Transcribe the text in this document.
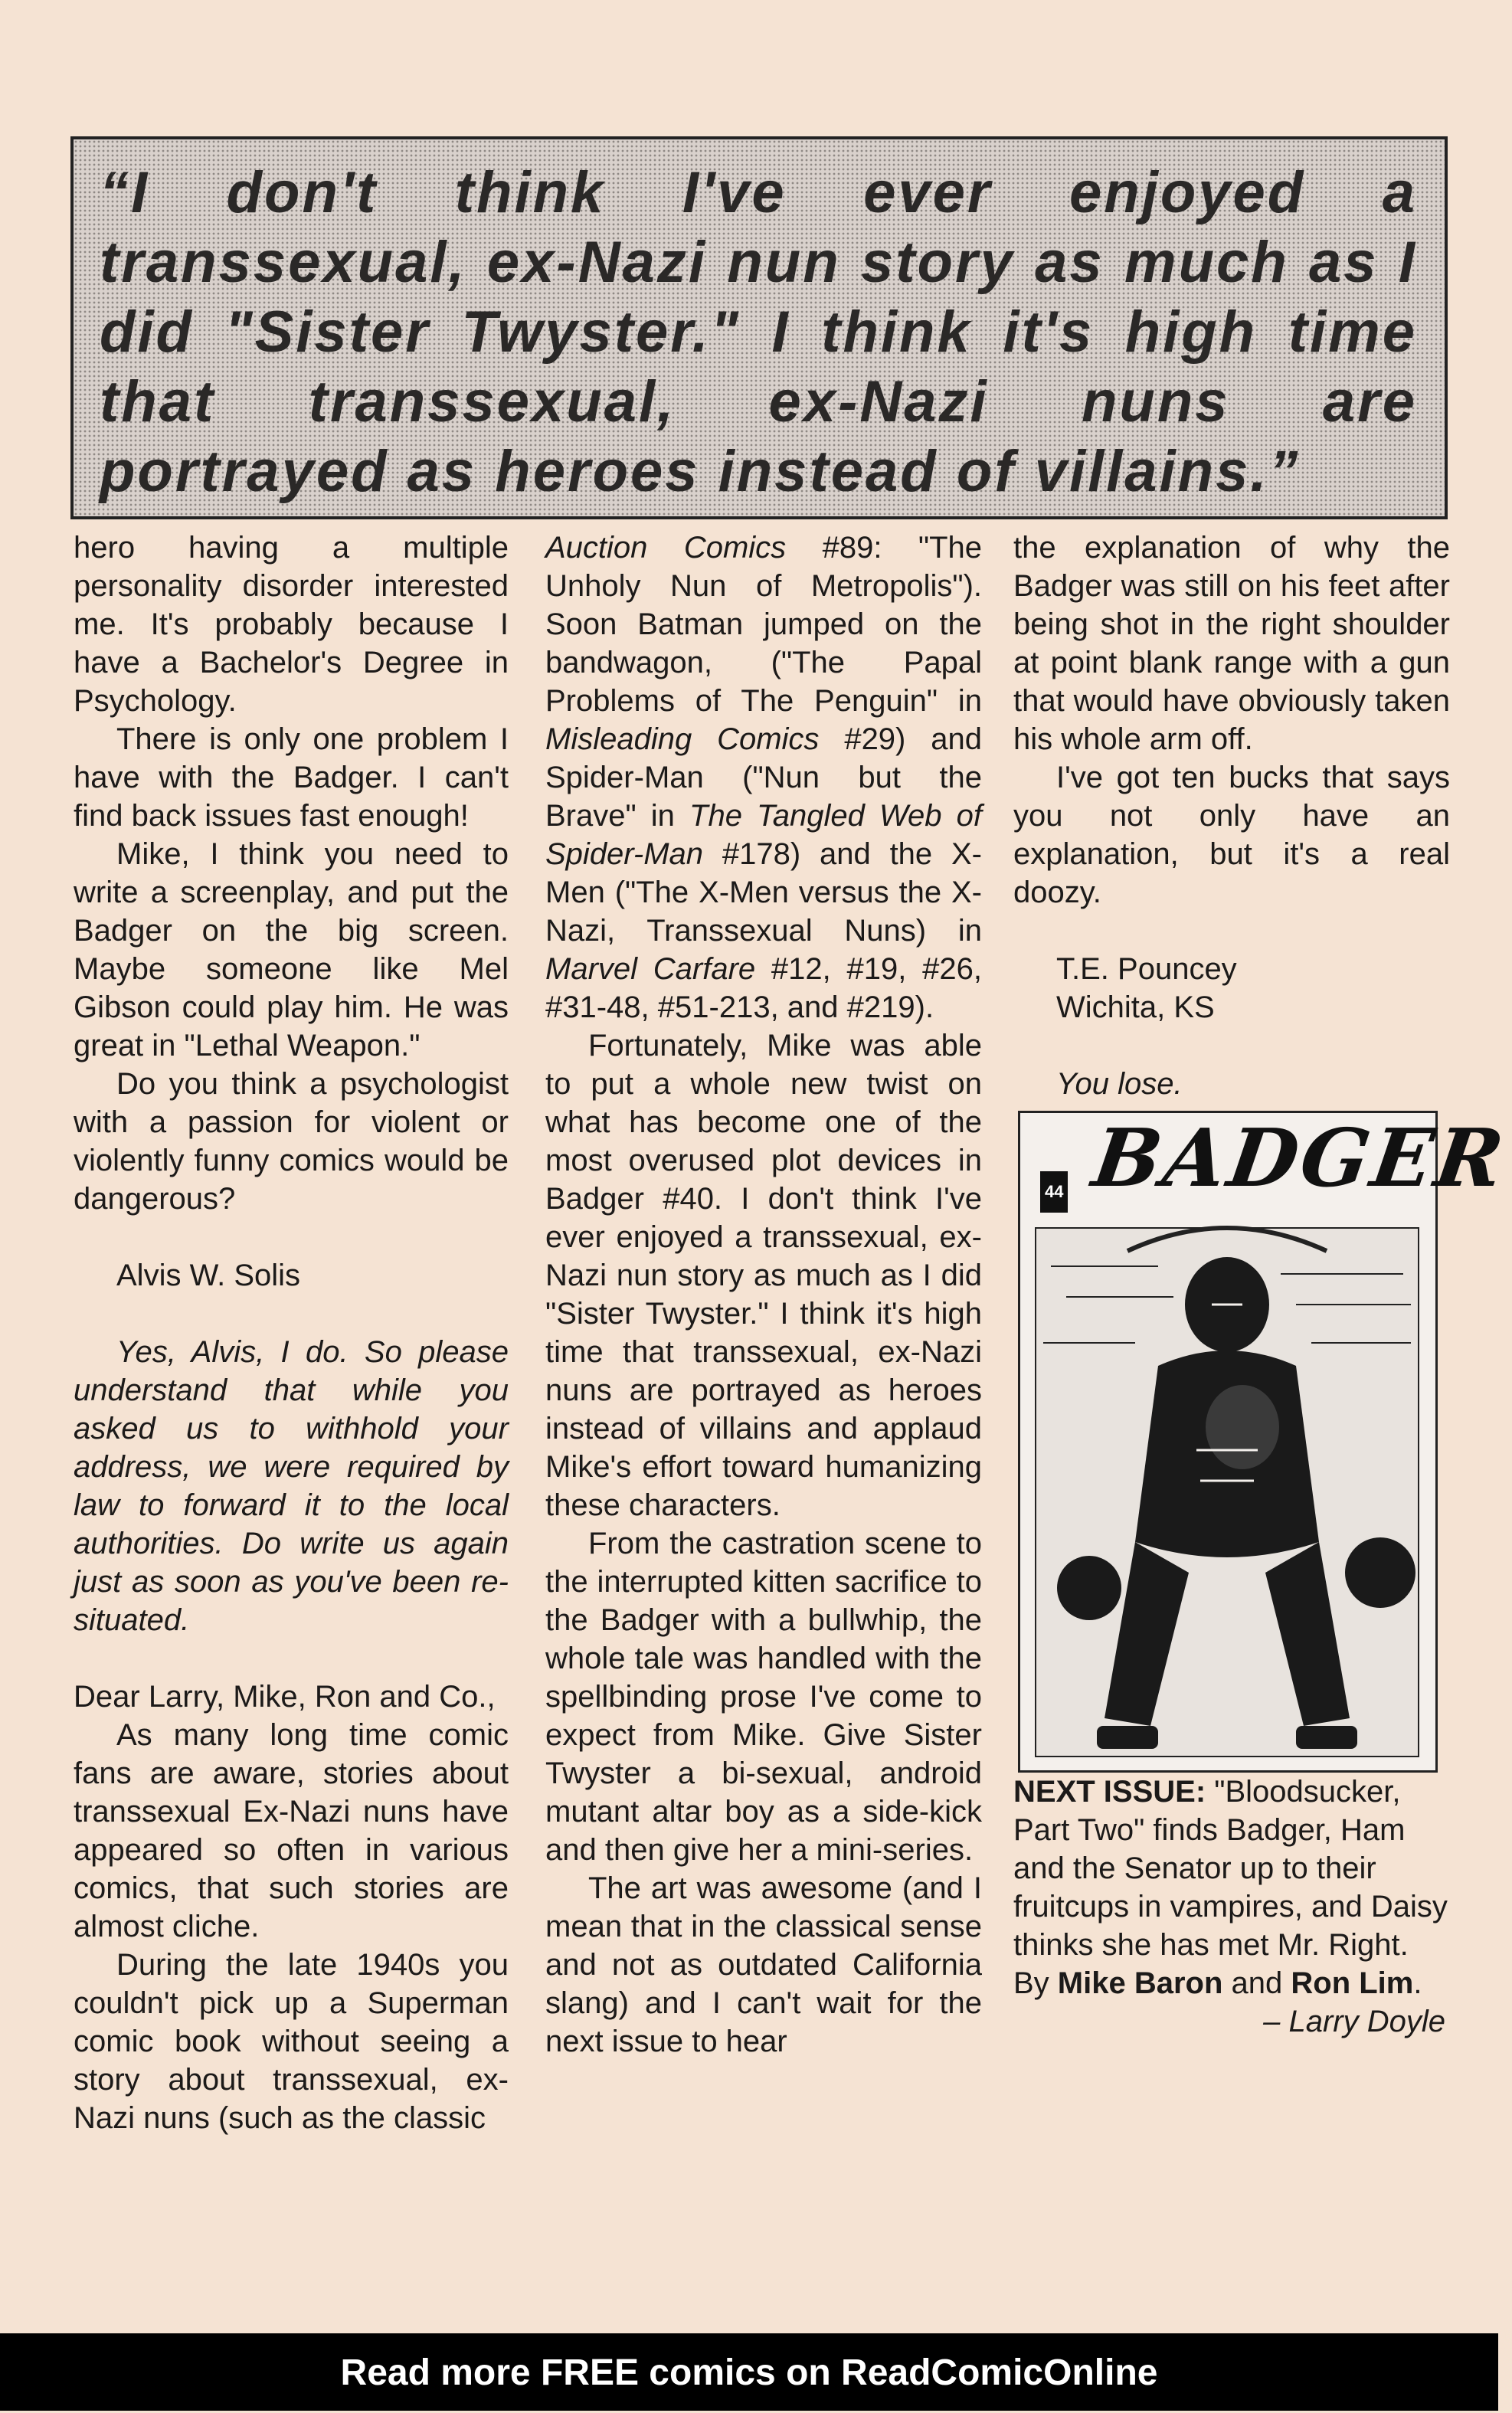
“I don't think I've ever enjoyed a transsexual, ex-Nazi nun story as much as I did "Sister Twyster." I think it's high time that transsexual, ex-Nazi nuns are portrayed as heroes instead of villains.”

hero having a multiple personality disorder interested me. It's probably because I have a Bachelor's Degree in Psychology.

There is only one problem I have with the Badger. I can't find back issues fast enough!

Mike, I think you need to write a screenplay, and put the Badger on the big screen. Maybe someone like Mel Gibson could play him. He was great in "Lethal Weapon."

Do you think a psychologist with a passion for violent or violently funny comics would be dangerous?

Alvis W. Solis

Yes, Alvis, I do. So please understand that while you asked us to withhold your address, we were required by law to forward it to the local authorities. Do write us again just as soon as you've been re-situated.

Dear Larry, Mike, Ron and Co.,

As many long time comic fans are aware, stories about transsexual Ex-Nazi nuns have appeared so often in various comics, that such stories are almost cliche.

During the late 1940s you couldn't pick up a Superman comic book without seeing a story about transsexual, ex-Nazi nuns (such as the classic

Auction Comics #89: "The Unholy Nun of Metropolis"). Soon Batman jumped on the bandwagon, ("The Papal Problems of The Penguin" in Misleading Comics #29) and Spider-Man ("Nun but the Brave" in The Tangled Web of Spider-Man #178) and the X-Men ("The X-Men versus the X-Nazi, Transsexual Nuns) in Marvel Carfare #12, #19, #26, #31-48, #51-213, and #219).

Fortunately, Mike was able to put a whole new twist on what has become one of the most overused plot devices in Badger #40. I don't think I've ever enjoyed a transsexual, ex-Nazi nun story as much as I did "Sister Twyster." I think it's high time that transsexual, ex-Nazi nuns are portrayed as heroes instead of villains and applaud Mike's effort toward humanizing these characters.

From the castration scene to the interrupted kitten sacrifice to the Badger with a bullwhip, the whole tale was handled with the spellbinding prose I've come to expect from Mike. Give Sister Twyster a bi-sexual, android mutant altar boy as a side-kick and then give her a mini-series.

The art was awesome (and I mean that in the classical sense and not as outdated California slang) and I can't wait for the next issue to hear

the explanation of why the Badger was still on his feet after being shot in the right shoulder at point blank range with a gun that would have obviously taken his whole arm off.

I've got ten bucks that says you not only have an explanation, but it's a real doozy.

T.E. Pouncey

Wichita, KS

You lose.

BADGER
44

NEXT ISSUE: "Bloodsucker, Part Two" finds Badger, Ham and the Senator up to their fruitcups in vampires, and Daisy thinks she has met Mr. Right. By Mike Baron and Ron Lim.

– Larry Doyle

Read more FREE comics on ReadComicOnline
